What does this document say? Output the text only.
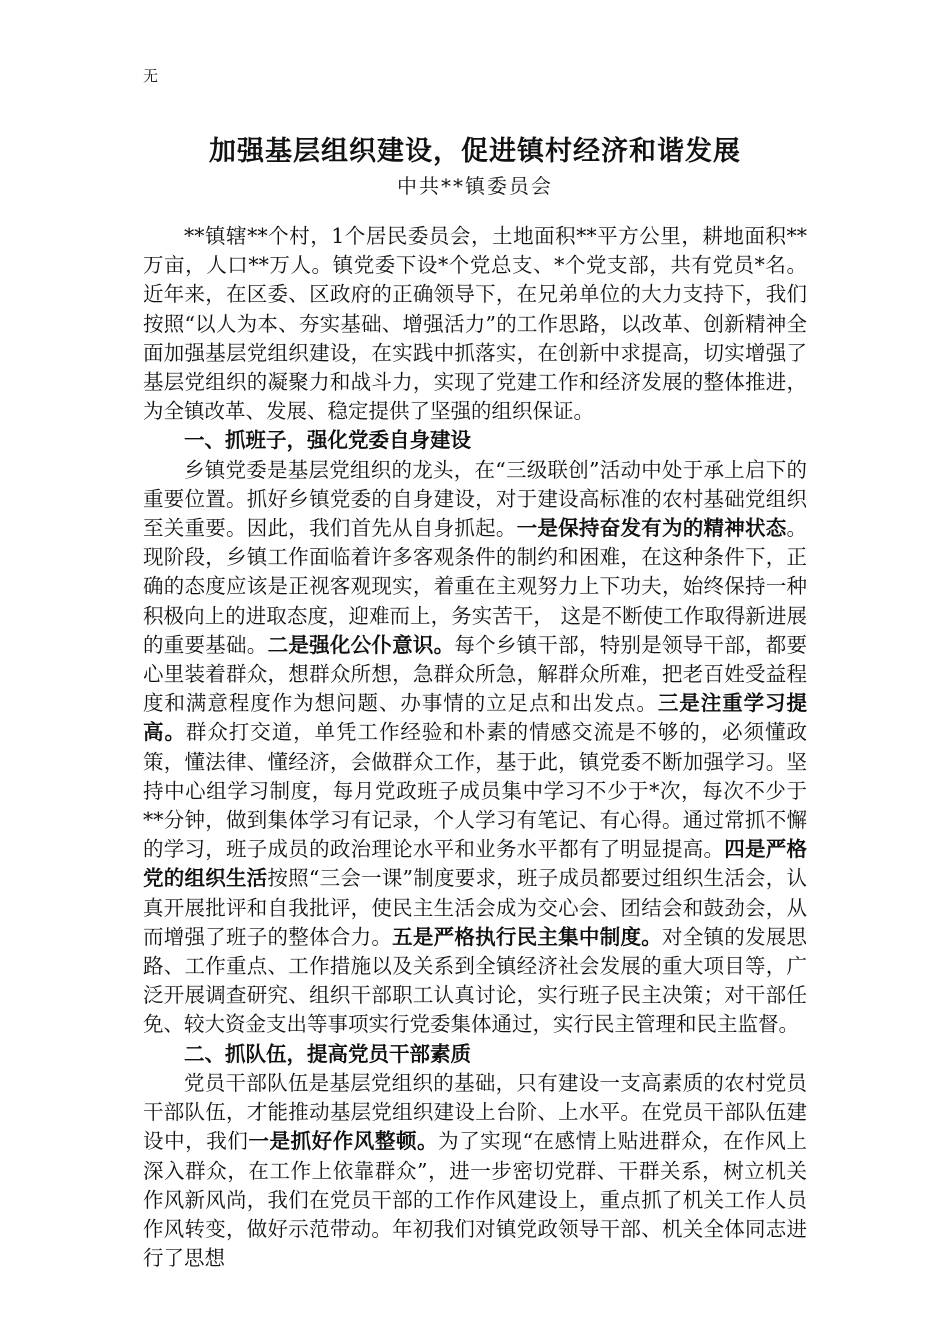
无
加强基层组织建设，促进镇村经济和谐发展
中共**镇委员会

**镇辖**个村，1个居民委员会，土地面积**平方公里，耕地面积**万亩，人口**万人。镇党委下设*个党总支、*个党支部，共有党员*名。近年来，在区委、区政府的正确领导下，在兄弟单位的大力支持下，我们按照“以人为本、夯实基础、增强活力”的工作思路，以改革、创新精神全面加强基层党组织建设，在实践中抓落实，在创新中求提高，切实增强了基层党组织的凝聚力和战斗力，实现了党建工作和经济发展的整体推进，为全镇改革、发展、稳定提供了坚强的组织保证。

一、抓班子，强化党委自身建设

乡镇党委是基层党组织的龙头，在“三级联创”活动中处于承上启下的重要位置。抓好乡镇党委的自身建设，对于建设高标准的农村基础党组织至关重要。因此，我们首先从自身抓起。一是保持奋发有为的精神状态。现阶段，乡镇工作面临着许多客观条件的制约和困难，在这种条件下，正确的态度应该是正视客观现实，着重在主观努力上下功夫，始终保持一种积极向上的进取态度，迎难而上，务实苦干， 这是不断使工作取得新进展的重要基础。二是强化公仆意识。每个乡镇干部，特别是领导干部，都要心里装着群众，想群众所想，急群众所急，解群众所难，把老百姓受益程度和满意程度作为想问题、办事情的立足点和出发点。三是注重学习提高。群众打交道，单凭工作经验和朴素的情感交流是不够的，必须懂政策，懂法律、懂经济，会做群众工作，基于此，镇党委不断加强学习。坚持中心组学习制度，每月党政班子成员集中学习不少于*次，每次不少于**分钟，做到集体学习有记录，个人学习有笔记、有心得。通过常抓不懈的学习，班子成员的政治理论水平和业务水平都有了明显提高。四是严格党的组织生活按照“三会一课”制度要求，班子成员都要过组织生活会，认真开展批评和自我批评，使民主生活会成为交心会、团结会和鼓劲会，从而增强了班子的整体合力。五是严格执行民主集中制度。对全镇的发展思路、工作重点、工作措施以及关系到全镇经济社会发展的重大项目等，广泛开展调查研究、组织干部职工认真讨论，实行班子民主决策；对干部任免、较大资金支出等事项实行党委集体通过，实行民主管理和民主监督。

二、抓队伍，提高党员干部素质

党员干部队伍是基层党组织的基础，只有建设一支高素质的农村党员干部队伍，才能推动基层党组织建设上台阶、上水平。在党员干部队伍建设中，我们一是抓好作风整顿。为了实现“在感情上贴进群众，在作风上深入群众，在工作上依靠群众”，进一步密切党群、干群关系，树立机关作风新风尚，我们在党员干部的工作作风建设上，重点抓了机关工作人员作风转变，做好示范带动。年初我们对镇党政领导干部、机关全体同志进行了思想
